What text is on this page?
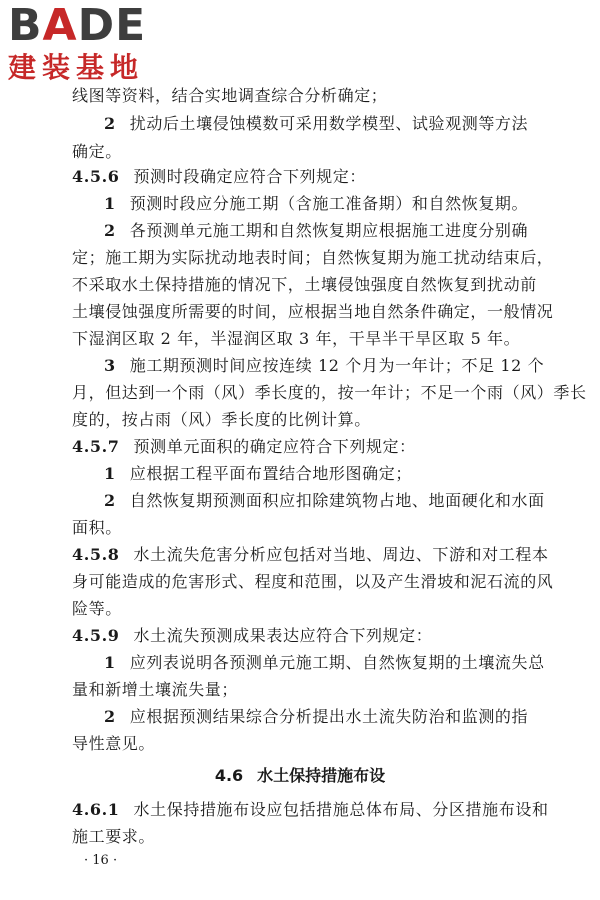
BADE
建装基地
线图等资料，结合实地调查综合分析确定；
2 扰动后土壤侵蚀模数可采用数学模型、试验观测等方法
确定。
4.5.6 预测时段确定应符合下列规定：
1 预测时段应分施工期（含施工准备期）和自然恢复期。
2 各预测单元施工期和自然恢复期应根据施工进度分别确
定；施工期为实际扰动地表时间；自然恢复期为施工扰动结束后，
不采取水土保持措施的情况下，土壤侵蚀强度自然恢复到扰动前
土壤侵蚀强度所需要的时间，应根据当地自然条件确定，一般情况
下湿润区取 2 年，半湿润区取 3 年，干旱半干旱区取 5 年。
3 施工期预测时间应按连续 12 个月为一年计；不足 12 个
月，但达到一个雨（风）季长度的，按一年计；不足一个雨（风）季长
度的，按占雨（风）季长度的比例计算。
4.5.7 预测单元面积的确定应符合下列规定：
1 应根据工程平面布置结合地形图确定；
2 自然恢复期预测面积应扣除建筑物占地、地面硬化和水面
面积。
4.5.8 水土流失危害分析应包括对当地、周边、下游和对工程本
身可能造成的危害形式、程度和范围，以及产生滑坡和泥石流的风
险等。
4.5.9 水土流失预测成果表达应符合下列规定：
1 应列表说明各预测单元施工期、自然恢复期的土壤流失总
量和新增土壤流失量；
2 应根据预测结果综合分析提出水土流失防治和监测的指
导性意见。
4.6 水土保持措施布设
4.6.1 水土保持措施布设应包括措施总体布局、分区措施布设和
施工要求。
· 16 ·
